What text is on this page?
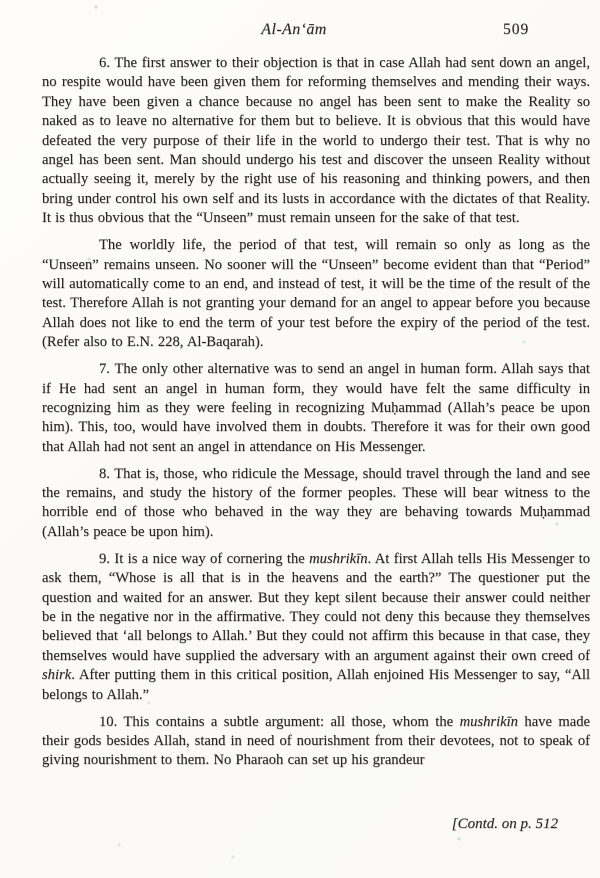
Al-An‘ām	509

6. The first answer to their objection is that in case Allah had sent down an angel, no respite would have been given them for reforming themselves and mending their ways. They have been given a chance because no angel has been sent to make the Reality so naked as to leave no alternative for them but to believe. It is obvious that this would have defeated the very purpose of their life in the world to undergo their test. That is why no angel has been sent. Man should undergo his test and discover the unseen Reality without actually seeing it, merely by the right use of his reasoning and thinking powers, and then bring under control his own self and its lusts in accordance with the dictates of that Reality. It is thus obvious that the “Unseen” must remain unseen for the sake of that test.

The worldly life, the period of that test, will remain so only as long as the “Unseen” remains unseen. No sooner will the “Unseen” become evident than that “Period” will automatically come to an end, and instead of test, it will be the time of the result of the test. Therefore Allah is not granting your demand for an angel to appear before you because Allah does not like to end the term of your test before the expiry of the period of the test. (Refer also to E.N. 228, Al-Baqarah).

7. The only other alternative was to send an angel in human form. Allah says that if He had sent an angel in human form, they would have felt the same difficulty in recognizing him as they were feeling in recognizing Muḥammad (Allah’s peace be upon him). This, too, would have involved them in doubts. Therefore it was for their own good that Allah had not sent an angel in attendance on His Messenger.

8. That is, those, who ridicule the Message, should travel through the land and see the remains, and study the history of the former peoples. These will bear witness to the horrible end of those who behaved in the way they are behaving towards Muḥammad (Allah’s peace be upon him).

9. It is a nice way of cornering the mushrikīn. At first Allah tells His Messenger to ask them, “Whose is all that is in the heavens and the earth?” The questioner put the question and waited for an answer. But they kept silent because their answer could neither be in the negative nor in the affirmative. They could not deny this because they themselves believed that ‘all belongs to Allah.’ But they could not affirm this because in that case, they themselves would have supplied the adversary with an argument against their own creed of shirk. After putting them in this critical position, Allah enjoined His Messenger to say, “All belongs to Allah.”

10. This contains a subtle argument: all those, whom the mushrikīn have made their gods besides Allah, stand in need of nourishment from their devotees, not to speak of giving nourishment to them. No Pharaoh can set up his grandeur

[Contd. on p. 512
